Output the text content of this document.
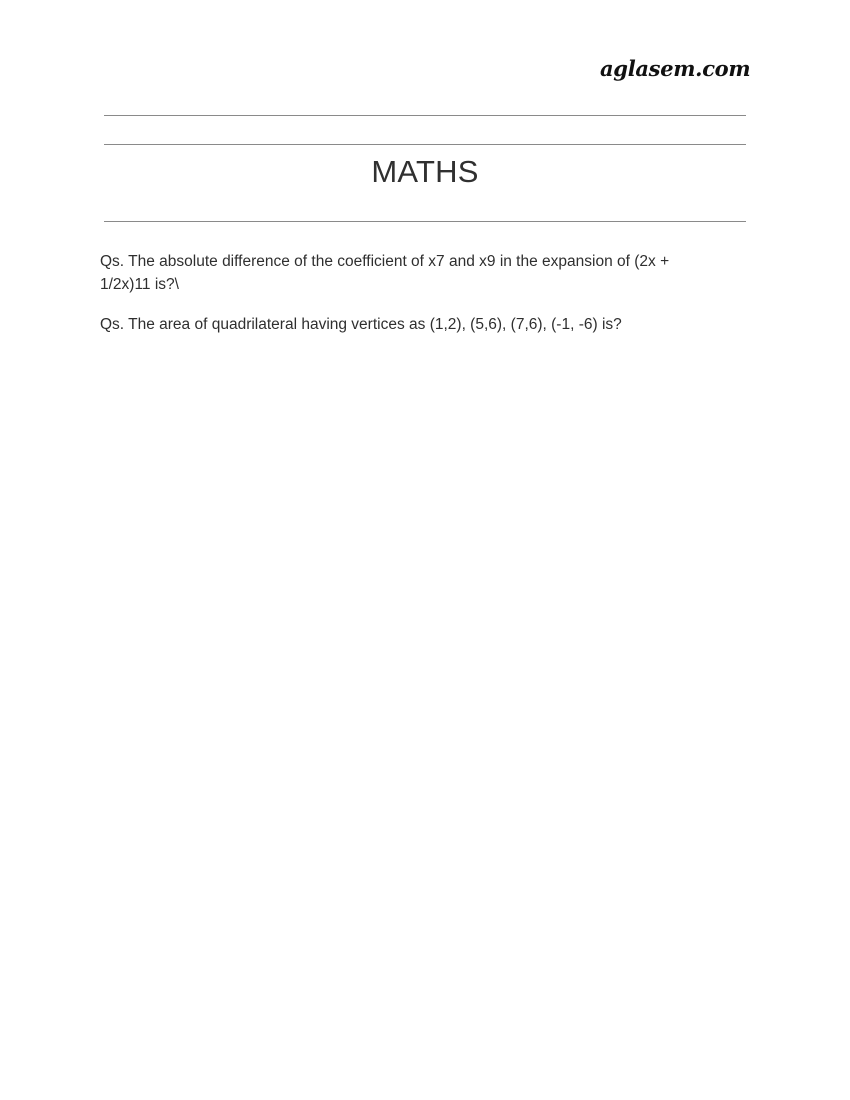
aglasem.com
MATHS

Qs. The absolute difference of the coefficient of x7 and x9 in the expansion of (2x + 1/2x)11 is?\

Qs. The area of quadrilateral having vertices as (1,2), (5,6), (7,6), (-1, -6) is?
